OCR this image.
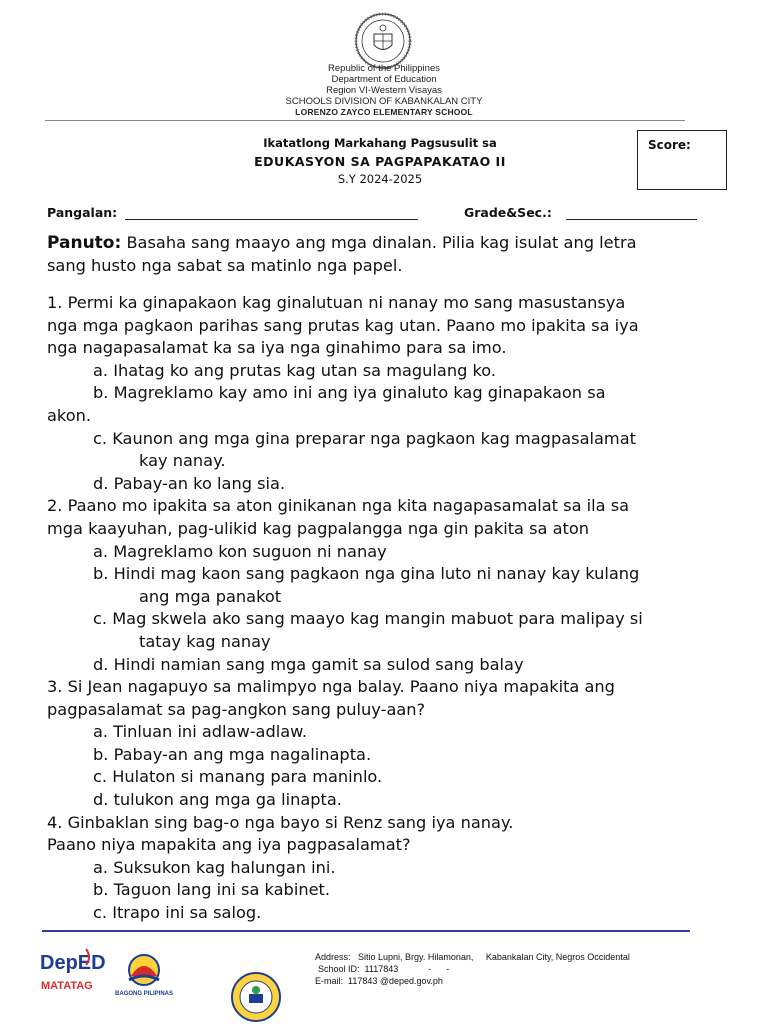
Republic of the Philippines
Department of Education
Region VI-Western Visayas
SCHOOLS DIVISION OF KABANKALAN CITY
LORENZO ZAYCO ELEMENTARY SCHOOL
Ikatatlong Markahang Pagsusulit sa
EDUKASYON SA PAGPAPAKATAO II
S.Y 2024-2025
Score:
Pangalan:	Grade&Sec.:
Panuto: Basaha sang maayo ang mga dinalan. Pilia kag isulat ang letra
sang husto nga sabat sa matinlo nga papel.
1. Permi ka ginapakaon kag ginalutuan ni nanay mo sang masustansya
nga mga pagkaon parihas sang prutas kag utan. Paano mo ipakita sa iya
nga nagapasalamat ka sa iya nga ginahimo para sa imo.
a. Ihatag ko ang prutas kag utan sa magulang ko.
b. Magreklamo kay amo ini ang iya ginaluto kag ginapakaon sa
akon.
c. Kaunon ang mga gina preparar nga pagkaon kag magpasalamat
kay nanay.
d. Pabay-an ko lang sia.
2. Paano mo ipakita sa aton ginikanan nga kita nagapasamalat sa ila sa
mga kaayuhan, pag-ulikid kag pagpalangga nga gin pakita sa aton
a. Magreklamo kon suguon ni nanay
b. Hindi mag kaon sang pagkaon nga gina luto ni nanay kay kulang
ang mga panakot
c. Mag skwela ako sang maayo kag mangin mabuot para malipay si
tatay kag nanay
d. Hindi namian sang mga gamit sa sulod sang balay
3. Si Jean nagapuyo sa malimpyo nga balay. Paano niya mapakita ang
pagpasalamat sa pag-angkon sang puluy-aan?
a. Tinluan ini adlaw-adlaw.
b. Pabay-an ang mga nagalinapta.
c. Hulaton si manang para maninlo.
d. tulukon ang mga ga linapta.
4. Ginbaklan sing bag-o nga bayo si Renz sang iya nanay.
Paano niya mapakita ang iya pagpasalamat?
a. Suksukon kag halungan ini.
b. Taguon lang ini sa kabinet.
c. Itrapo ini sa salog.
DepED
MATATAG
BAGONG PILIPINAS
Address:   Sitio Lupni, Brgy. Hilamonan,     Kabankalan City, Negros Occidental
School ID:  1117843            -      -
E-mail:  117843 @deped.gov.ph
